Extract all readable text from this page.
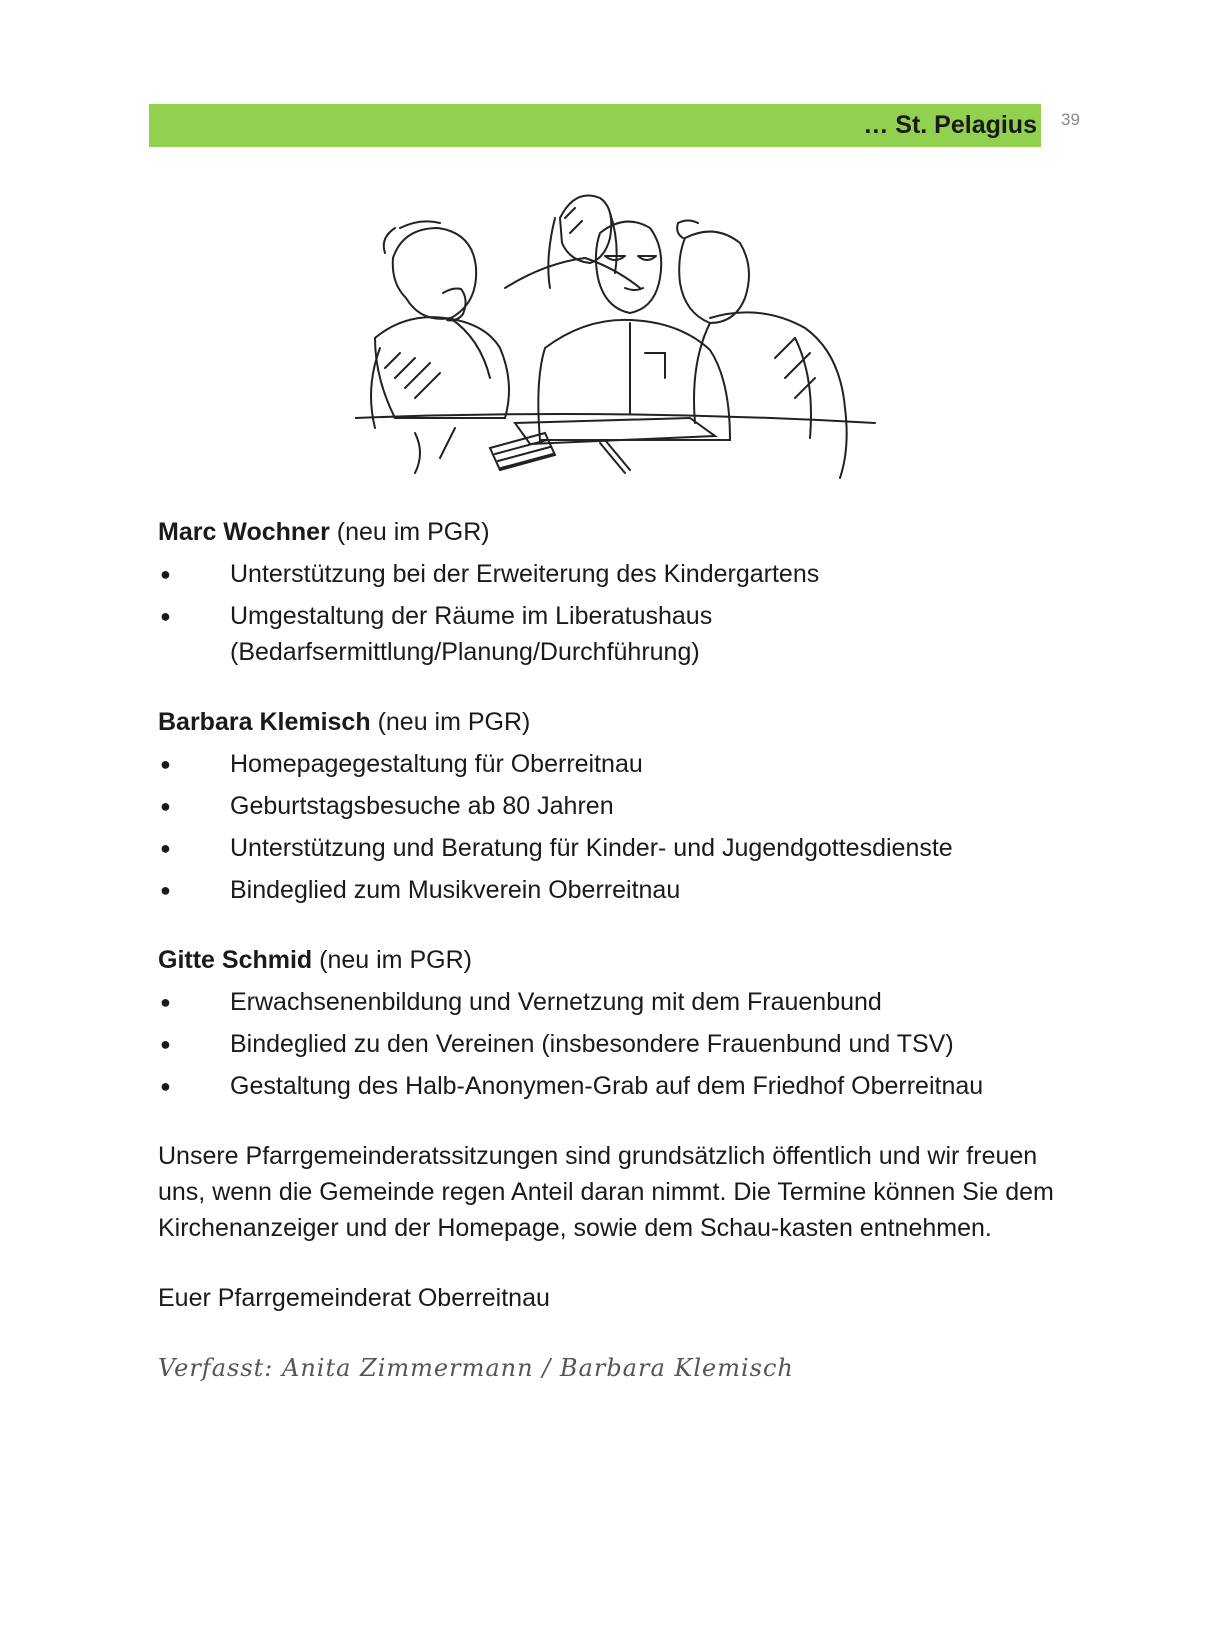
… St. Pelagius 39

Marc Wochner (neu im PGR)

● Unterstützung bei der Erweiterung des Kindergartens
● Umgestaltung der Räume im Liberatushaus (Bedarfsermittlung/Planung/Durchführung)

Barbara Klemisch (neu im PGR)

● Homepagegestaltung für Oberreitnau
● Geburtstagsbesuche ab 80 Jahren
● Unterstützung und Beratung für Kinder- und Jugendgottesdienste
● Bindeglied zum Musikverein Oberreitnau

Gitte Schmid (neu im PGR)

● Erwachsenenbildung und Vernetzung mit dem Frauenbund
● Bindeglied zu den Vereinen (insbesondere Frauenbund und TSV)
● Gestaltung des Halb-Anonymen-Grab auf dem Friedhof Oberreitnau

Unsere Pfarrgemeinderatssitzungen sind grundsätzlich öffentlich und wir freuen uns, wenn die Gemeinde regen Anteil daran nimmt. Die Termine können Sie dem Kirchenanzeiger und der Homepage, sowie dem Schau-kasten entnehmen.

Euer Pfarrgemeinderat Oberreitnau

Verfasst: Anita Zimmermann / Barbara Klemisch
